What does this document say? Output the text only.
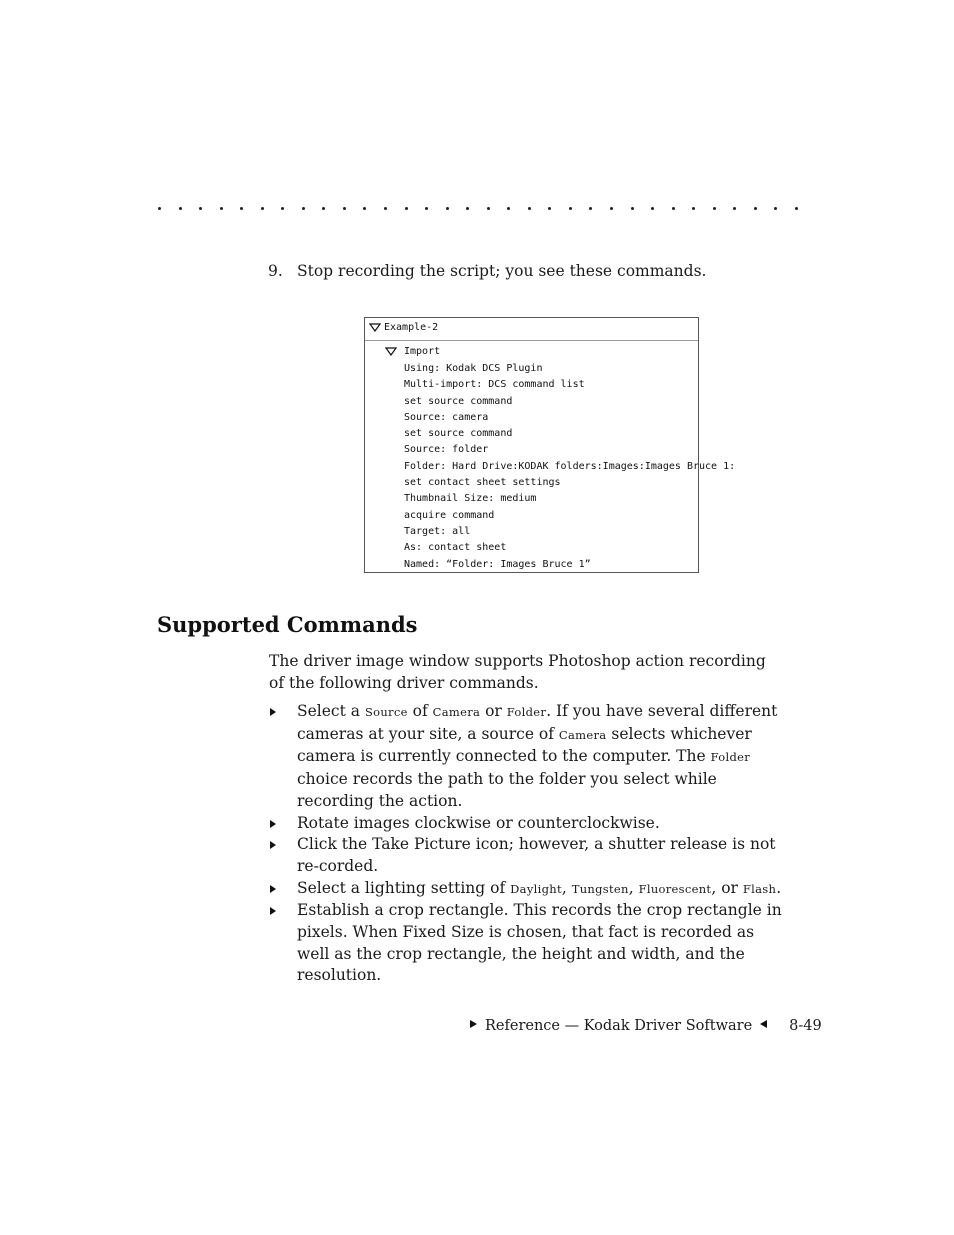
9. Stop recording the script; you see these commands.
Example-2
Import
Using: Kodak DCS Plugin
Multi-import: DCS command list
set source command
Source: camera
set source command
Source: folder
Folder: Hard Drive:KODAK folders:Images:Images Bruce 1:
set contact sheet settings
Thumbnail Size: medium
acquire command
Target: all
As: contact sheet
Named: “Folder: Images Bruce 1”
Supported Commands
The driver image window supports Photoshop action recording of the following driver commands.
Select a Source of Camera or Folder. If you have several different cameras at your site, a source of Camera selects whichever camera is currently connected to the computer. The Folder choice records the path to the folder you select while recording the action.
Rotate images clockwise or counterclockwise.
Click the Take Picture icon; however, a shutter release is not re-corded.
Select a lighting setting of Daylight, Tungsten, Fluorescent, or Flash.
Establish a crop rectangle. This records the crop rectangle in pixels. When Fixed Size is chosen, that fact is recorded as well as the crop rectangle, the height and width, and the resolution.
Reference — Kodak Driver Software	8-49
